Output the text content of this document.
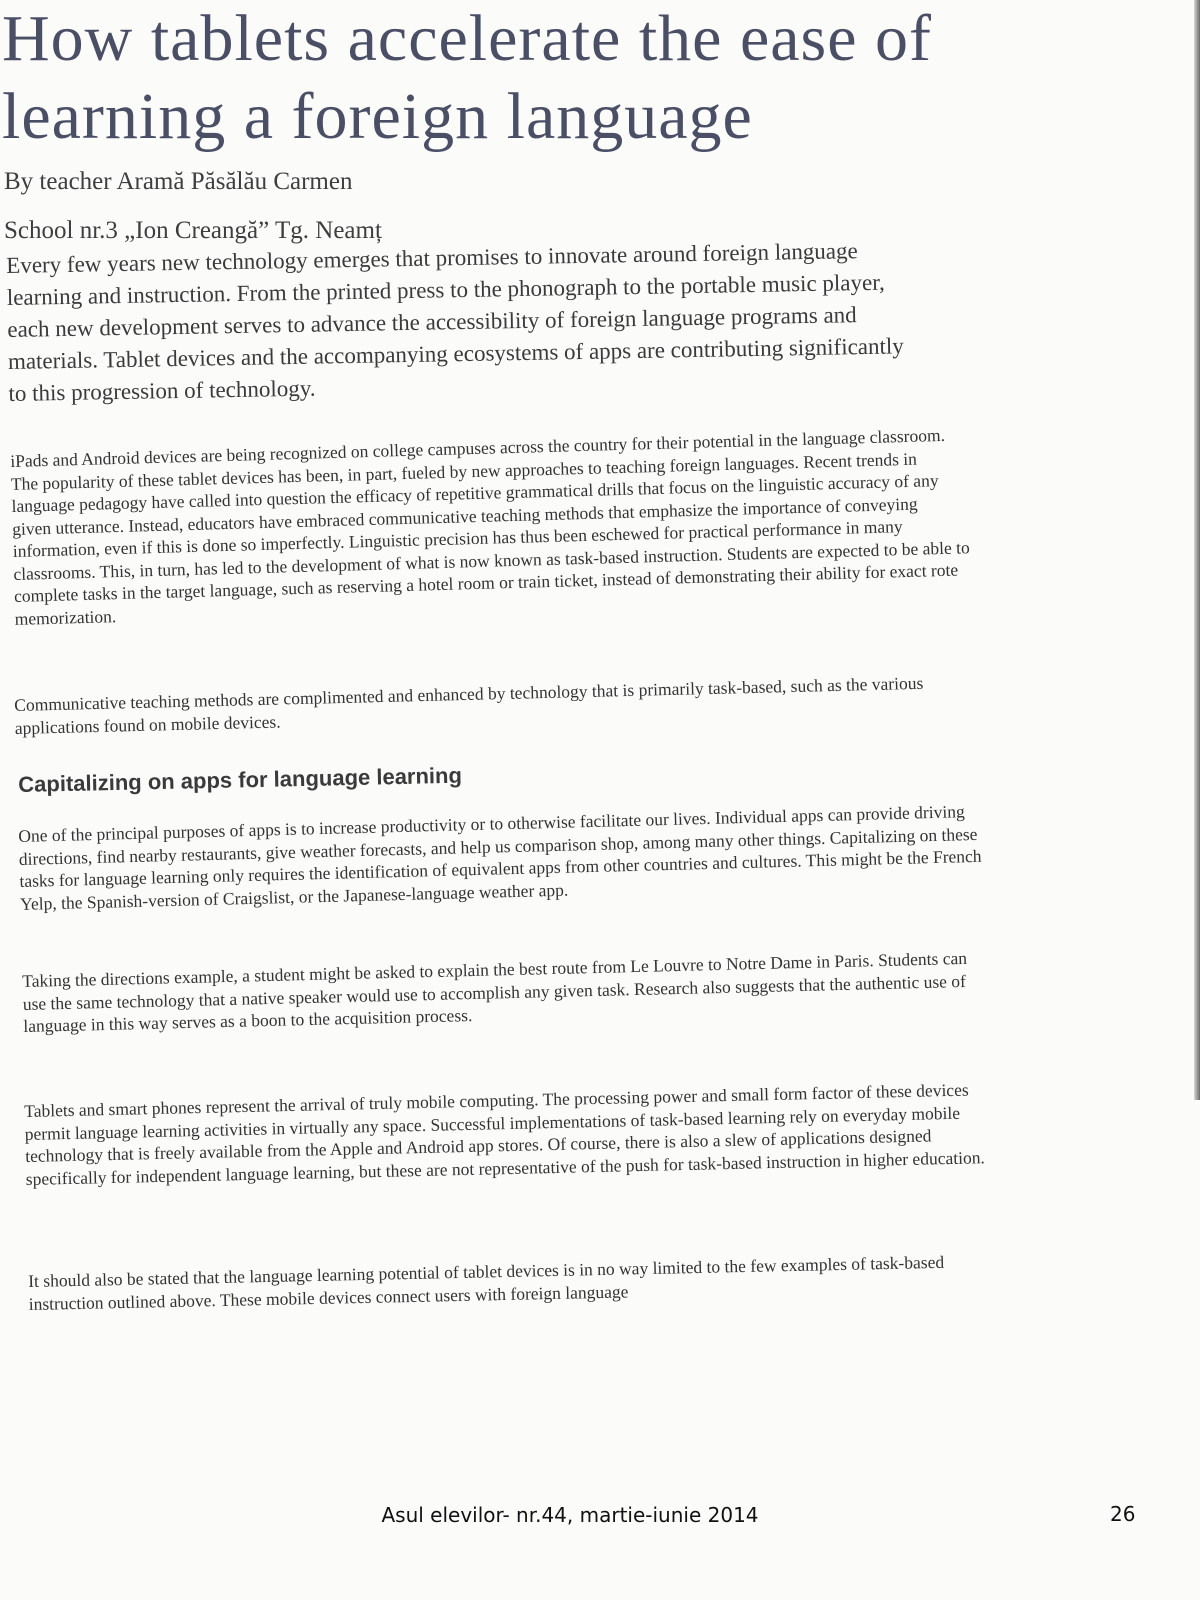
How tablets accelerate the ease of learning a foreign language
By teacher Aramă Păsălău Carmen
School nr.3 „Ion Creangă” Tg. Neamț

Every few years new technology emerges that promises to innovate around foreign language learning and instruction. From the printed press to the phonograph to the portable music player, each new development serves to advance the accessibility of foreign language programs and materials. Tablet devices and the accompanying ecosystems of apps are contributing significantly to this progression of technology.

iPads and Android devices are being recognized on college campuses across the country for their potential in the language classroom. The popularity of these tablet devices has been, in part, fueled by new approaches to teaching foreign languages. Recent trends in language pedagogy have called into question the efficacy of repetitive grammatical drills that focus on the linguistic accuracy of any given utterance. Instead, educators have embraced communicative teaching methods that emphasize the importance of conveying information, even if this is done so imperfectly. Linguistic precision has thus been eschewed for practical performance in many classrooms. This, in turn, has led to the development of what is now known as task-based instruction. Students are expected to be able to complete tasks in the target language, such as reserving a hotel room or train ticket, instead of demonstrating their ability for exact rote memorization.

Communicative teaching methods are complimented and enhanced by technology that is primarily task-based, such as the various applications found on mobile devices.

Capitalizing on apps for language learning

One of the principal purposes of apps is to increase productivity or to otherwise facilitate our lives. Individual apps can provide driving directions, find nearby restaurants, give weather forecasts, and help us comparison shop, among many other things. Capitalizing on these tasks for language learning only requires the identification of equivalent apps from other countries and cultures. This might be the French Yelp, the Spanish-version of Craigslist, or the Japanese-language weather app.

Taking the directions example, a student might be asked to explain the best route from Le Louvre to Notre Dame in Paris. Students can use the same technology that a native speaker would use to accomplish any given task. Research also suggests that the authentic use of language in this way serves as a boon to the acquisition process.

Tablets and smart phones represent the arrival of truly mobile computing. The processing power and small form factor of these devices permit language learning activities in virtually any space. Successful implementations of task-based learning rely on everyday mobile technology that is freely available from the Apple and Android app stores. Of course, there is also a slew of applications designed specifically for independent language learning, but these are not representative of the push for task-based instruction in higher education.

It should also be stated that the language learning potential of tablet devices is in no way limited to the few examples of task-based instruction outlined above. These mobile devices connect users with foreign language

Asul elevilor- nr.44, martie-iunie 2014	26
